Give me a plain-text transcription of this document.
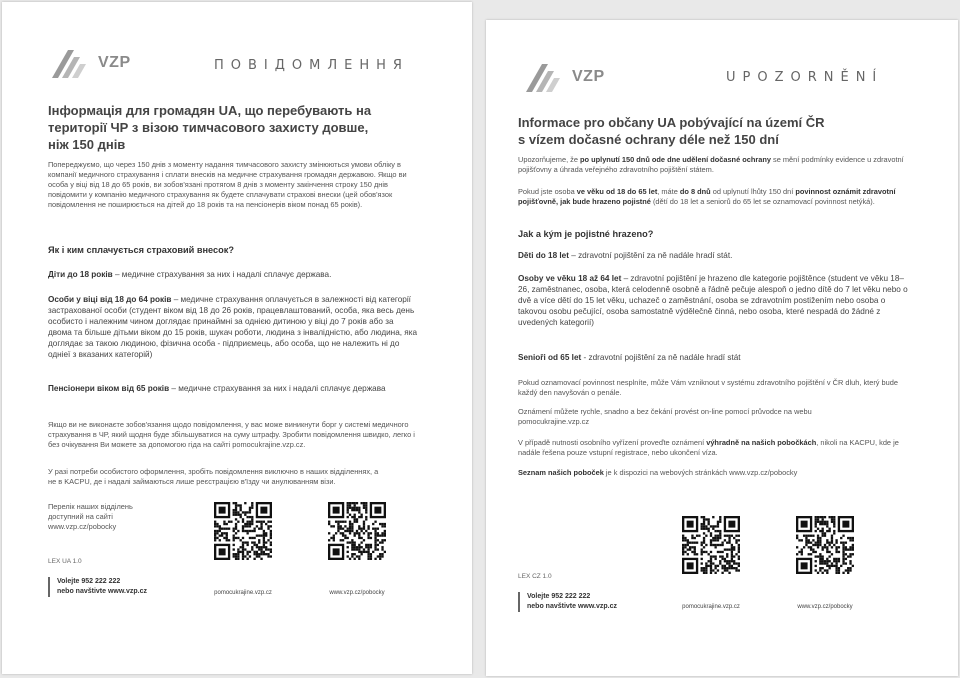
VZP	ПОВІДОМЛЕННЯ
Інформація для громадян UA, що перебувають на території ЧР з візою тимчасового захисту довше, ніж 150 днів
Попереджуємо, що через 150 днів з моменту надання тимчасового захисту змінюються умови обліку в компанії медичного страхування і сплати внесків на медичне страхування громадян державою. Якщо ви особа у віці від 18 до 65 років, ви зобов'язані протягом 8 днів з моменту закінчення строку 150 днів повідомити у компанію медичного страхування як будете сплачувати страхові внески (цей обов'язок повідомлення не поширюється на дітей до 18 років та на пенсіонерів віком понад 65 років).
Як і ким сплачується страховий внесок?
Діти до 18 років – медичне страхування за них і надалі сплачує держава.
Особи у віці від 18 до 64 років – медичне страхування оплачується в залежності від категорії застрахованої особи (студент віком від 18 до 26 років, працевлаштований, особа, яка весь день особисто і належним чином доглядає принаймні за однією дитиною у віці до 7 років або за двома та більше дітьми віком до 15 років, шукач роботи, людина з інвалідністю, або людина, яка доглядає за такою людиною, фізична особа - підприємець, або особа, що не належить ні до одніеї з вказаних категорій)
Пенсіонери віком від 65 років – медичне страхування за них і надалі сплачує держава
Якщо ви не виконаєте зобов'язання щодо повідомлення, у вас може виникнути борг у системі медичного страхування в ЧР, який щодня буде збільшуватися на суму штрафу. Зробити повідомлення швидко, легко і без очікування Ви можете за допомогою гіда на сайті pomocukrajine.vzp.cz.
У разі потреби особистого оформлення, зробіть повідомлення виключно в наших відділеннях, а не в KACPU, де і надалі займаються лише реєстрацією в'їзду чи анулюванням візи.
Перелік наших відділень доступний на сайті www.vzp.cz/pobocky
LEX UA 1.0
Volejte 952 222 222
nebo navštivte www.vzp.cz	pomocukrajine.vzp.cz	www.vzp.cz/pobocky
VZP	UPOZORNĚNÍ
Informace pro občany UA pobývající na území ČR s vízem dočasné ochrany déle než 150 dní
Upozorňujeme, že po uplynutí 150 dnů ode dne udělení dočasné ochrany se mění podmínky evidence u zdravotní pojišťovny a úhrada veřejného zdravotního pojištění státem.
Pokud jste osoba ve věku od 18 do 65 let, máte do 8 dnů od uplynutí lhůty 150 dní povinnost oznámit zdravotní pojišťovně, jak bude hrazeno pojistné (dětí do 18 let a seniorů do 65 let se oznamovací povinnost netýká).
Jak a kým je pojistné hrazeno?
Děti do 18 let – zdravotní pojištění za ně nadále hradí stát.
Osoby ve věku 18 až 64 let – zdravotní pojištění je hrazeno dle kategorie pojištěnce (student ve věku 18–26, zaměstnanec, osoba, která celodenně osobně a řádně pečuje alespoň o jedno dítě do 7 let věku nebo o dvě a více dětí do 15 let věku, uchazeč o zaměstnání, osoba se zdravotním postižením nebo osoba o takovou osobu pečující, osoba samostatně výdělečně činná, nebo osoba, které nespadá do žádné z uvedených kategorií)
Senioři od 65 let - zdravotní pojištění za ně nadále hradí stát
Pokud oznamovací povinnost nesplníte, může Vám vzniknout v systému zdravotního pojištění v ČR dluh, který bude každý den navyšován o penále.
Oznámení můžete rychle, snadno a bez čekání provést on-line pomocí průvodce na webu pomocukrajine.vzp.cz
V případě nutnosti osobního vyřízení proveďte oznámení výhradně na našich pobočkách, nikoli na KACPU, kde je nadále řešena pouze vstupní registrace, nebo ukončení víza.
Seznam našich poboček je k dispozici na webových stránkách www.vzp.cz/pobocky
LEX CZ 1.0
Volejte 952 222 222
nebo navštivte www.vzp.cz	pomocukrajine.vzp.cz	www.vzp.cz/pobocky
